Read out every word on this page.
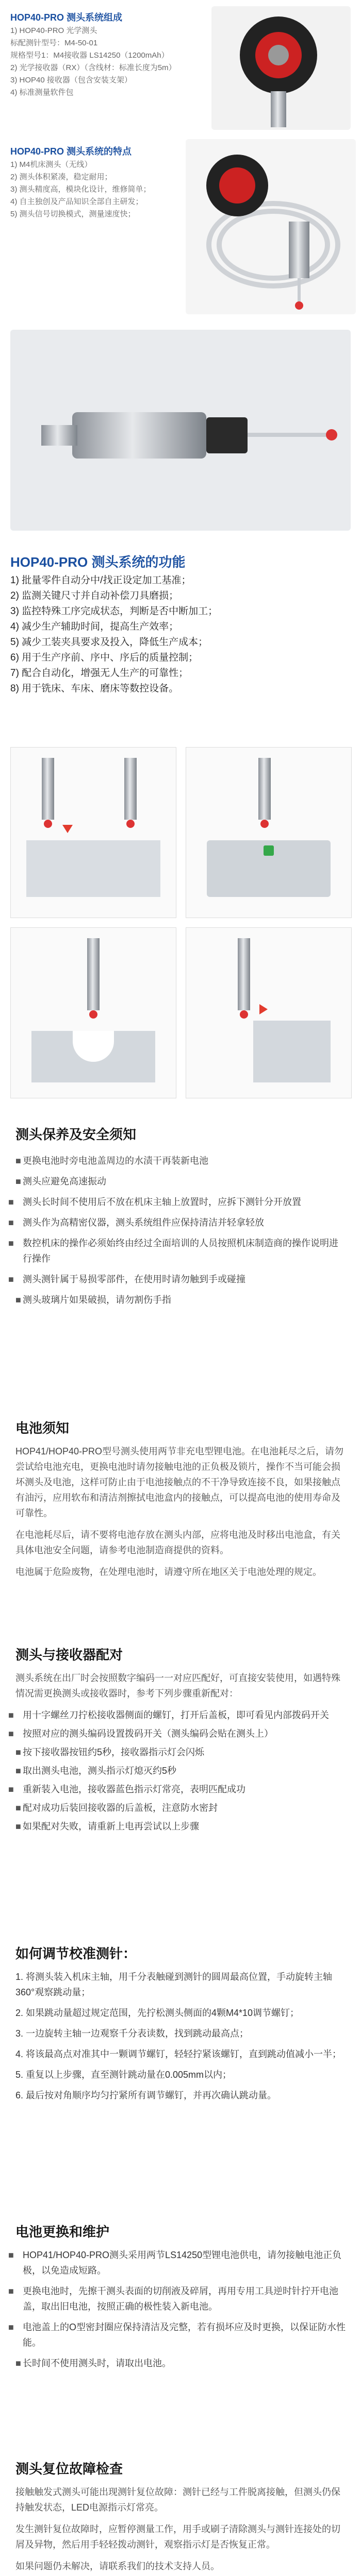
HOP40-PRO 测头系统组成
1) HOP40-PRO 光学测头
标配测针型号：M4-50-01
规格型号1：M4接收器 LS14250（1200mAh）
2) 光学接收器（RX）（含线材：标准长度为5m）
3) HOP40 接收器（包含安装支架）
4) 标准测量软件包
HOP40-PRO 测头系统的特点
1) M4机床测头（无线）
2) 测头体积紧凑，稳定耐用；
3) 测头精度高，模块化设计，维修简单；
4) 自主独创及产品知识全部自主研发；
5) 测头信号切换模式，测量速度快；
HOP40-PRO 测头系统的功能
1) 批量零件自动分中/找正设定加工基准；
2) 监测关键尺寸并自动补偿刀具磨损；
3) 监控特殊工序完成状态，判断是否中断加工；
4) 减少生产辅助时间，提高生产效率；
5) 减少工装夹具要求及投入，降低生产成本；
6) 用于生产序前、序中、序后的质量控制；
7) 配合自动化，增强无人生产的可靠性；
8) 用于铣床、车床、磨床等数控设备。
测头保养及安全须知
■ 更换电池时旁电池盖周边的水渍干再装新电池
■ 测头应避免高速振动
■ 测头长时间不使用后不放在机床主轴上放置时，应拆下测针分开放置
■ 测头作为高精密仪器，测头系统组件应保持清洁并轻拿轻放
■ 数控机床的操作必须始终由经过全面培训的人员按照机床制造商的操作说明进行操作
■ 测头测针属于易损零部件，在使用时请勿触到手或碰撞
■ 测头玻璃片如果破损，请勿割伤手指
电池须知

HOP41/HOP40-PRO型号测头使用两节非充电型锂电池。在电池耗尽之后，请勿尝试给电池充电，更换电池时请勿接触电池的正负极及锁片，操作不当可能会损坏测头及电池，这样可防止由于电池接触点的不干净导致连接不良，如果接触点有油污，应用软布和清洁剂擦拭电池盒内的接触点，可以提高电池的使用寿命及可靠性。

在电池耗尽后，请不要将电池存放在测头内部，应将电池及时移出电池盒，有关具体电池安全问题，请参考电池制造商提供的资料。

电池属于危险废物，在处理电池时，请遵守所在地区关于电池处理的规定。

测头与接收器配对

测头系统在出厂时会按照数字编码一一对应匹配好，可直接安装使用，如遇特殊情况需更换测头或接收器时，参考下列步骤重新配对：

■ 用十字螺丝刀拧松接收器侧面的螺钉，打开后盖板，即可看见内部拨码开关
■ 按照对应的测头编码设置拨码开关（测头编码会贴在测头上）
■ 按下接收器按钮约5秒，接收器指示灯会闪烁
■ 取出测头电池，测头指示灯熄灭约5秒
■ 重新装入电池，接收器蓝色指示灯常亮，表明匹配成功
■ 配对成功后装回接收器的后盖板，注意防水密封
■ 如果配对失败，请重新上电再尝试以上步骤
如何调节校准测针：
1. 将测头装入机床主轴，用千分表触碰到测针的圆周最高位置，手动旋转主轴360°观察跳动量；
2. 如果跳动量超过规定范围，先拧松测头侧面的4颗M4*10调节螺钉；
3. 一边旋转主轴一边观察千分表读数，找到跳动最高点；
4. 将该最高点对准其中一颗调节螺钉，轻轻拧紧该螺钉，直到跳动值减小一半；
5. 重复以上步骤，直至测针跳动量在0.005mm以内；
6. 最后按对角顺序均匀拧紧所有调节螺钉，并再次确认跳动量。
电池更换和维护
■ HOP41/HOP40-PRO测头采用两节LS14250型锂电池供电，请勿接触电池正负极，以免造成短路。
■ 更换电池时，先擦干测头表面的切削液及碎屑，再用专用工具逆时针拧开电池盖，取出旧电池，按照正确的极性装入新电池。
■ 电池盖上的O型密封圈应保持清洁及完整，若有损坏应及时更换，以保证防水性能。
■ 长时间不使用测头时，请取出电池。
测头复位故障检查

接触触发式测头可能出现测针复位故障：测针已经与工件脱离接触，但测头仍保持触发状态，LED电源指示灯常亮。

发生测针复位故障时，应暂停测量工作，用手或刷子清除测头与测针连接处的切屑及异物，然后用手轻轻拨动测针，观察指示灯是否恢复正常。

如果问题仍未解决，请联系我们的技术支持人员。
